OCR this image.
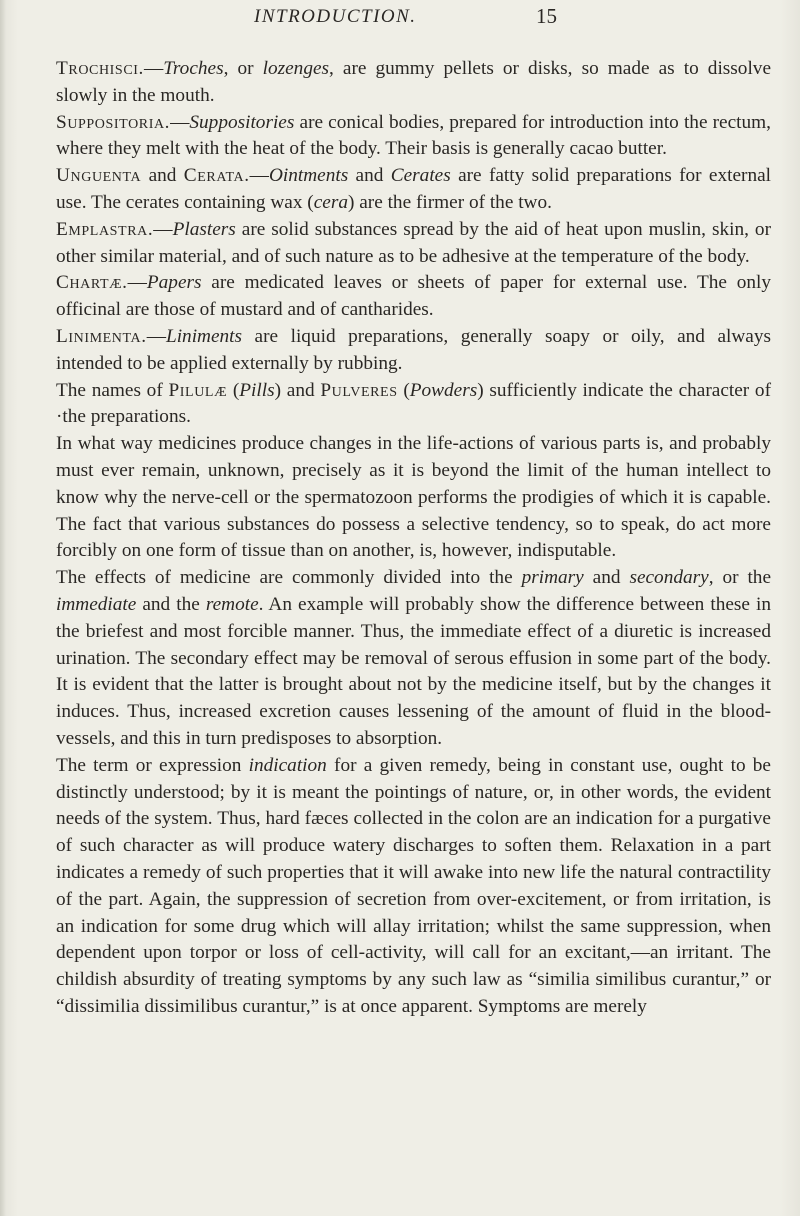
INTRODUCTION.	15

Trochisci.—Troches, or lozenges, are gummy pellets or disks, so made as to dissolve slowly in the mouth.

Suppositoria.—Suppositories are conical bodies, prepared for introduction into the rectum, where they melt with the heat of the body. Their basis is generally cacao butter.

Unguenta and Cerata.—Ointments and Cerates are fatty solid preparations for external use. The cerates containing wax (cera) are the firmer of the two.

Emplastra.—Plasters are solid substances spread by the aid of heat upon muslin, skin, or other similar material, and of such nature as to be adhesive at the temperature of the body.

Chartæ.—Papers are medicated leaves or sheets of paper for external use. The only officinal are those of mustard and of cantharides.

Linimenta.—Liniments are liquid preparations, generally soapy or oily, and always intended to be applied externally by rubbing.

The names of Pilulæ (Pills) and Pulveres (Powders) sufficiently indicate the character of ·the preparations.

In what way medicines produce changes in the life-actions of various parts is, and probably must ever remain, unknown, precisely as it is beyond the limit of the human intellect to know why the nerve-cell or the spermatozoon performs the prodigies of which it is capable. The fact that various substances do possess a selective tendency, so to speak, do act more forcibly on one form of tissue than on another, is, however, indisputable.

The effects of medicine are commonly divided into the primary and secondary, or the immediate and the remote. An example will probably show the difference between these in the briefest and most forcible manner. Thus, the immediate effect of a diuretic is increased urination. The secondary effect may be removal of serous effusion in some part of the body. It is evident that the latter is brought about not by the medicine itself, but by the changes it induces. Thus, increased excretion causes lessening of the amount of fluid in the blood-vessels, and this in turn predisposes to absorption.

The term or expression indication for a given remedy, being in constant use, ought to be distinctly understood; by it is meant the pointings of nature, or, in other words, the evident needs of the system. Thus, hard fæces collected in the colon are an indication for a purgative of such character as will produce watery discharges to soften them. Relaxation in a part indicates a remedy of such properties that it will awake into new life the natural contractility of the part. Again, the suppression of secretion from over-excitement, or from irritation, is an indication for some drug which will allay irritation; whilst the same suppression, when dependent upon torpor or loss of cell-activity, will call for an excitant,—an irritant. The childish absurdity of treating symptoms by any such law as “similia similibus curantur,” or “dissimilia dissimilibus curantur,” is at once apparent. Symptoms are merely
